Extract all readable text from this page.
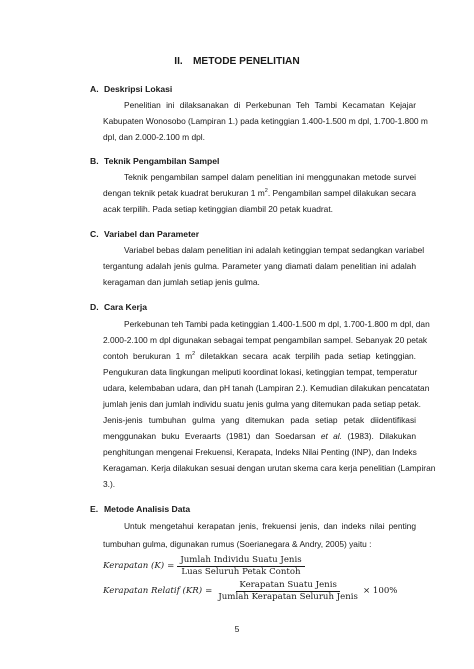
II. METODE PENELITIAN
A. Deskripsi Lokasi
Penelitian ini dilaksanakan di Perkebunan Teh Tambi Kecamatan Kejajar
Kabupaten Wonosobo (Lampiran 1.) pada ketinggian 1.400-1.500 m dpl, 1.700-1.800 m
dpl, dan 2.000-2.100 m dpl.
B. Teknik Pengambilan Sampel
Teknik pengambilan sampel dalam penelitian ini menggunakan metode survei
dengan teknik petak kuadrat berukuran 1 $m^2$. Pengambilan sampel dilakukan secara
acak terpilih. Pada setiap ketinggian diambil 20 petak kuadrat.
C. Variabel dan Parameter
Variabel bebas dalam penelitian ini adalah ketinggian tempat sedangkan variabel
tergantung adalah jenis gulma. Parameter yang diamati dalam penelitian ini adalah
keragaman dan jumlah setiap jenis gulma.
D. Cara Kerja
Perkebunan teh Tambi pada ketinggian 1.400-1.500 m dpl, 1.700-1.800 m dpl, dan
2.000-2.100 m dpl digunakan sebagai tempat pengambilan sampel. Sebanyak 20 petak
contoh berukuran 1 $m^2$ diletakkan secara acak terpilih pada setiap ketinggian.
Pengukuran data lingkungan meliputi koordinat lokasi, ketinggian tempat, temperatur
udara, kelembaban udara, dan pH tanah (Lampiran 2.). Kemudian dilakukan pencatatan
jumlah jenis dan jumlah individu suatu jenis gulma yang ditemukan pada setiap petak.
Jenis-jenis tumbuhan gulma yang ditemukan pada setiap petak diidentifikasi
menggunakan buku Everaarts (1981) dan Soedarsan et al. (1983). Dilakukan
penghitungan mengenai Frekuensi, Kerapata, Indeks Nilai Penting (INP), dan Indeks
Keragaman. Kerja dilakukan sesuai dengan urutan skema cara kerja penelitian (Lampiran
3.).
E. Metode Analisis Data
Untuk mengetahui kerapatan jenis, frekuensi jenis, dan indeks nilai penting
tumbuhan gulma, digunakan rumus (Soerianegara & Andry, 2005) yaitu :
Kerapatan $(K) = \frac{\text{Jumlah Individu Suatu Jenis}}{\text{Luas Seluruh Petak Contoh}}$
Kerapatan Relatif $(KR) = \frac{\text{Kerapatan Suatu Jenis}}{\text{Jumlah Kerapatan Seluruh Jenis}} \times 100\%$
5
